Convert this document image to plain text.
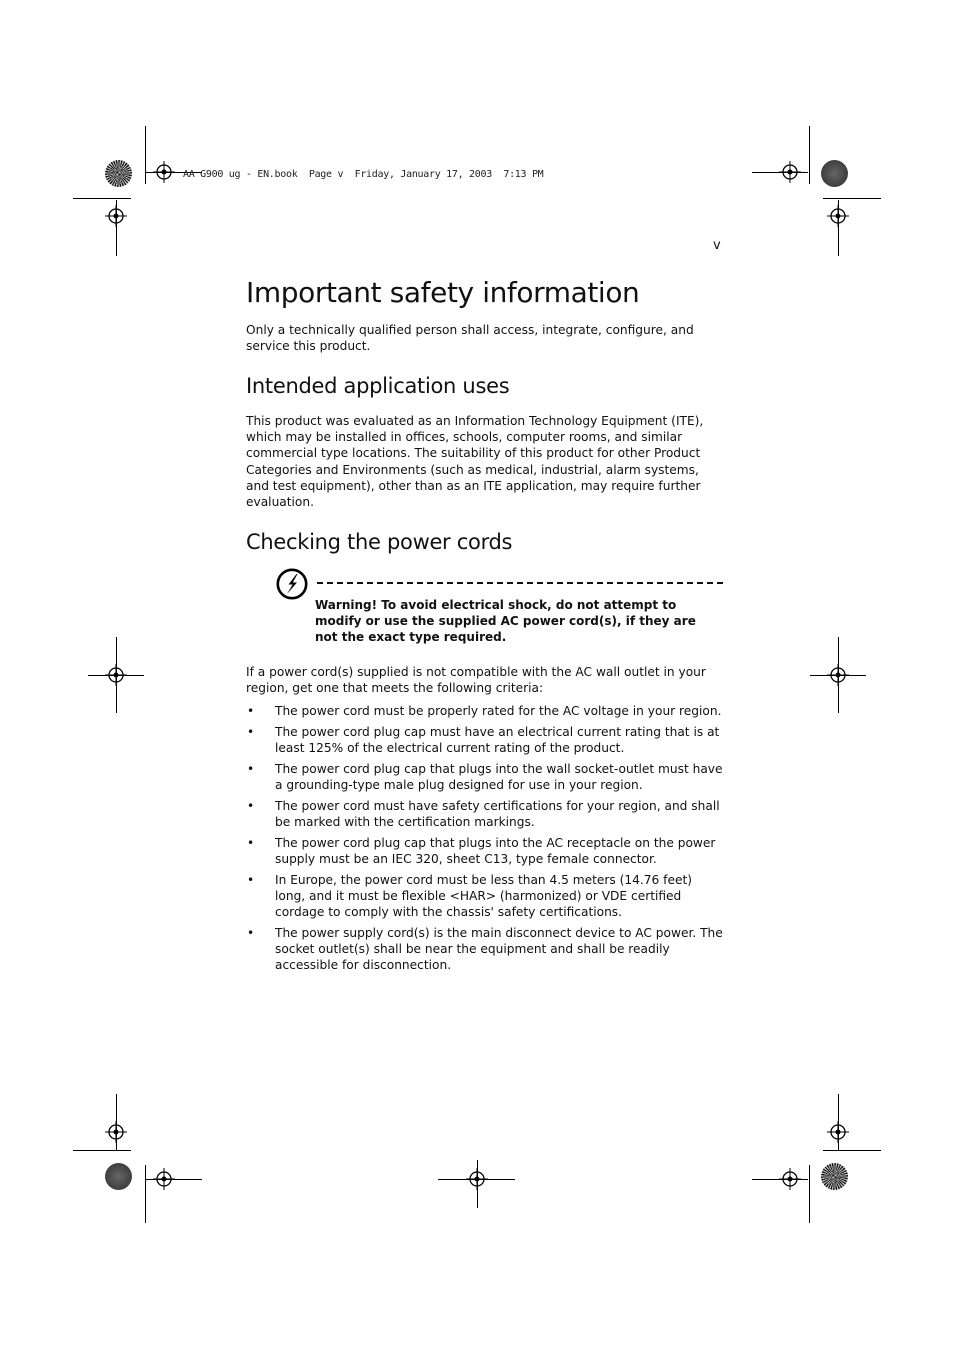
AA G900 ug - EN.book  Page v  Friday, January 17, 2003  7:13 PM
v
Important safety information

Only a technically qualified person shall access, integrate, configure, and service this product.

Intended application uses

This product was evaluated as an Information Technology Equipment (ITE), which may be installed in offices, schools, computer rooms, and similar commercial type locations. The suitability of this product for other Product Categories and Environments (such as medical, industrial, alarm systems, and test equipment), other than as an ITE application, may require further evaluation.

Checking the power cords

Warning! To avoid electrical shock, do not attempt to modify or use the supplied AC power cord(s), if they are not the exact type required.

If a power cord(s) supplied is not compatible with the AC wall outlet in your region, get one that meets the following criteria:

• The power cord must be properly rated for the AC voltage in your region.
• The power cord plug cap must have an electrical current rating that is at least 125% of the electrical current rating of the product.
• The power cord plug cap that plugs into the wall socket-outlet must have a grounding-type male plug designed for use in your region.
• The power cord must have safety certifications for your region, and shall be marked with the certification markings.
• The power cord plug cap that plugs into the AC receptacle on the power supply must be an IEC 320, sheet C13, type female connector.
• In Europe, the power cord must be less than 4.5 meters (14.76 feet) long, and it must be flexible <HAR> (harmonized) or VDE certified cordage to comply with the chassis' safety certifications.
• The power supply cord(s) is the main disconnect device to AC power. The socket outlet(s) shall be near the equipment and shall be readily accessible for disconnection.
